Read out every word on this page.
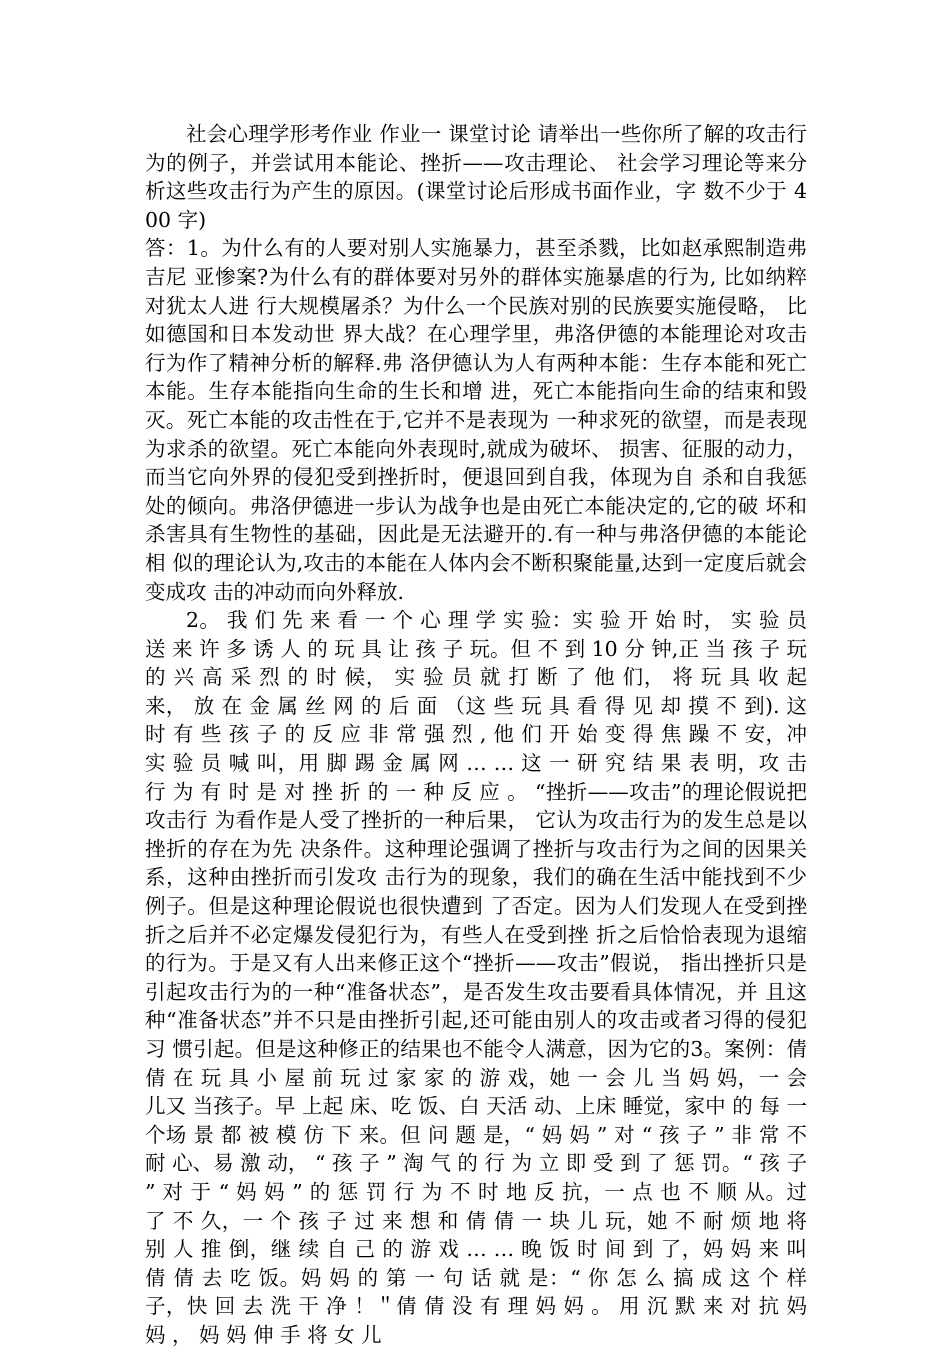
社会心理学形考作业 作业一 课堂讨论 请举出一些你所了解的攻击行为的例子，并尝试用本能论、挫折——攻击理论、 社会学习理论等来分析这些攻击行为产生的原因。(课堂讨论后形成书面作业，字 数不少于 400 字)

答：1。为什么有的人要对别人实施暴力，甚至杀戮，比如赵承熙制造弗吉尼 亚惨案?为什么有的群体要对另外的群体实施暴虐的行为, 比如纳粹对犹太人进 行大规模屠杀？为什么一个民族对别的民族要实施侵略， 比如德国和日本发动世 界大战？在心理学里，弗洛伊德的本能理论对攻击行为作了精神分析的解释.弗 洛伊德认为人有两种本能：生存本能和死亡本能。生存本能指向生命的生长和增 进，死亡本能指向生命的结束和毁灭。死亡本能的攻击性在于,它并不是表现为 一种求死的欲望，而是表现为求杀的欲望。死亡本能向外表现时,就成为破坏、 损害、征服的动力，而当它向外界的侵犯受到挫折时，便退回到自我，体现为自 杀和自我惩处的倾向。弗洛伊德进一步认为战争也是由死亡本能决定的,它的破 坏和杀害具有生物性的基础，因此是无法避开的.有一种与弗洛伊德的本能论相 似的理论认为,攻击的本能在人体内会不断积聚能量,达到一定度后就会变成攻 击的冲动而向外释放.

2。 我 们 先 来 看 一 个 心 理 学 实 验：实 验 开 始 时， 实 验 员 送 来 许 多 诱 人 的 玩 具 让 孩 子 玩。但 不 到 10 分 钟,正 当 孩 子 玩 的 兴 高 采 烈 的 时 候， 实 验 员 就 打 断 了 他 们， 将 玩 具 收 起 来， 放 在 金 属 丝 网 的 后 面 （这 些 玩 具 看 得 见 却 摸 不 到). 这 时 有 些 孩 子 的 反 应 非 常 强 烈 , 他 们 开 始 变 得 焦 躁 不 安，冲 实 验 员 喊 叫，用 脚 踢 金 属 网 … … 这 一 研 究 结 果 表 明，攻 击 行 为 有 时 是 对 挫 折 的 一 种 反 应 。 “挫折——攻击”的理论假说把攻击行 为看作是人受了挫折的一种后果， 它认为攻击行为的发生总是以挫折的存在为先 决条件。这种理论强调了挫折与攻击行为之间的因果关系，这种由挫折而引发攻 击行为的现象，我们的确在生活中能找到不少例子。但是这种理论假说也很快遭到 了否定。因为人们发现人在受到挫折之后并不必定爆发侵犯行为，有些人在受到挫 折之后恰恰表现为退缩的行为。于是又有人出来修正这个“挫折——攻击”假说， 指出挫折只是引起攻击行为的一种“准备状态”，是否发生攻击要看具体情况，并 且这种“准备状态”并不只是由挫折引起,还可能由别人的攻击或者习得的侵犯习 惯引起。但是这种修正的结果也不能令人满意，因为它的3。案例：倩 倩 在 玩 具 小 屋 前 玩 过 家 家 的 游 戏，她 一 会 儿 当 妈 妈，一 会 儿又 当孩子。早 上起 床、吃 饭、白 天活 动、上床 睡觉，家中 的 每 一 个场 景 都 被 模 仿 下 来。但 问 题 是，“ 妈 妈 ” 对 “ 孩 子 ” 非 常 不 耐 心、易 激 动， “ 孩 子 ” 淘 气 的 行 为 立 即 受 到 了 惩 罚。“ 孩 子 ” 对 于 “ 妈 妈 ” 的 惩 罚 行 为 不 时 地 反 抗，一 点 也 不 顺 从。过 了 不 久，一 个 孩 子 过 来 想 和 倩 倩 一 块 儿 玩，她 不 耐 烦 地 将 别 人 推 倒，继 续 自 己 的 游 戏 … … 晚 饭 时 间 到 了，妈 妈 来 叫 倩 倩 去 吃 饭。妈 妈 的 第 一 句 话 就 是：“ 你 怎 么 搞 成 这 个 样 子，快 回 去 洗 干 净 ！＂倩 倩 没 有 理 妈 妈 。 用 沉 默 来 对 抗 妈 妈 ， 妈 妈 伸 手 将 女 儿
